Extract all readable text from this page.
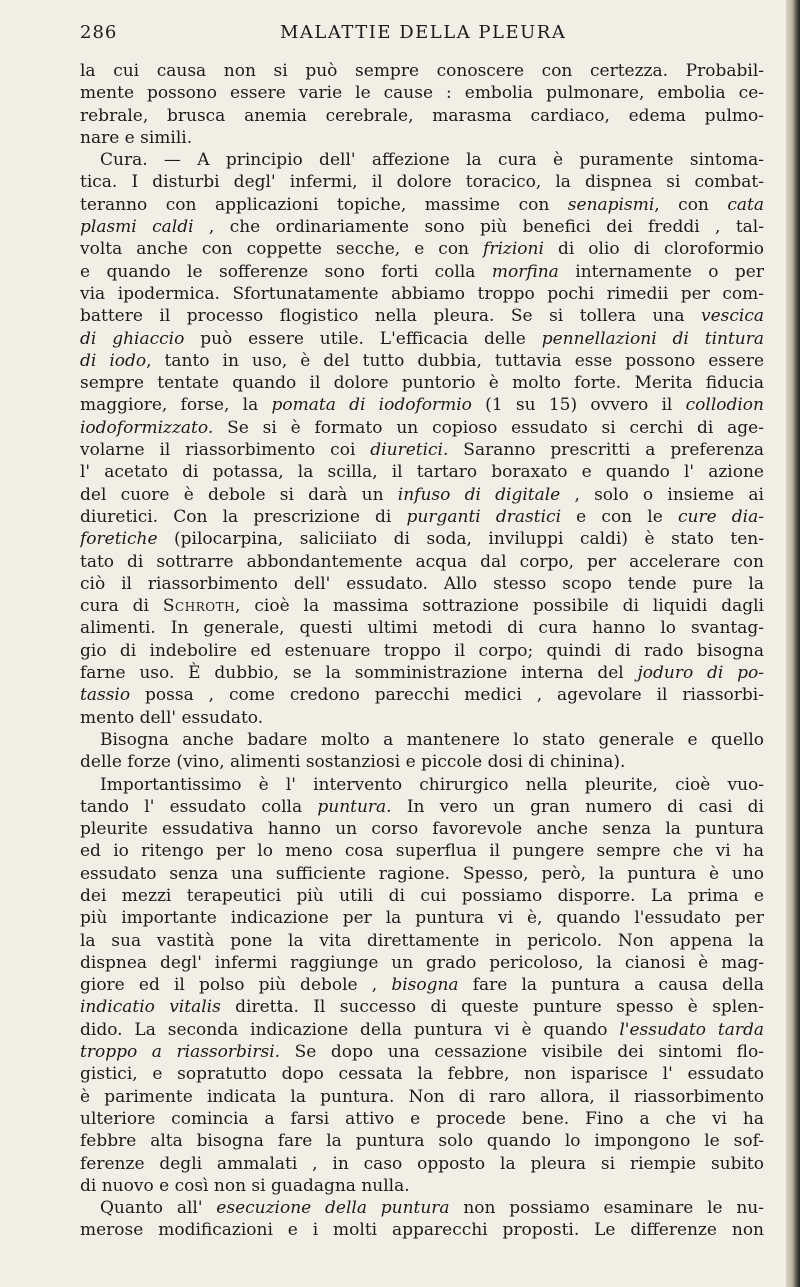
286	MALATTIE DELLA PLEURA
la cui causa non si può sempre conoscere con certezza. Probabil-
mente possono essere varie le cause : embolia pulmonare, embolia ce-
rebrale, brusca anemia cerebrale, marasma cardiaco, edema pulmo-
nare e simili.
Cura. — A principio dell' affezione la cura è puramente sintoma-
tica. I disturbi degl' infermi, il dolore toracico, la dispnea si combat-
teranno con applicazioni topiche, massime con senapismi, con cata
plasmi caldi , che ordinariamente sono più benefici dei freddi , tal-
volta anche con coppette secche, e con frizioni di olio di cloroformio
e quando le sofferenze sono forti colla morfina internamente o per
via ipodermica. Sfortunatamente abbiamo troppo pochi rimedii per com-
battere il processo flogistico nella pleura. Se si tollera una vescica
di ghiaccio può essere utile. L'efficacia delle pennellazioni di tintura
di iodo, tanto in uso, è del tutto dubbia, tuttavia esse possono essere
sempre tentate quando il dolore puntorio è molto forte. Merita fiducia
maggiore, forse, la pomata di iodoformio (1 su 15) ovvero il collodion
iodoformizzato. Se si è formato un copioso essudato si cerchi di age-
volarne il riassorbimento coi diuretici. Saranno prescritti a preferenza
l' acetato di potassa, la scilla, il tartaro boraxato e quando l' azione
del cuore è debole si darà un infuso di digitale , solo o insieme ai
diuretici. Con la prescrizione di purganti drastici e con le cure dia-
foretiche (pilocarpina, saliciiato di soda, inviluppi caldi) è stato ten-
tato di sottrarre abbondantemente acqua dal corpo, per accelerare con
ciò il riassorbimento dell' essudato. Allo stesso scopo tende pure la
cura di Schroth, cioè la massima sottrazione possibile di liquidi dagli
alimenti. In generale, questi ultimi metodi di cura hanno lo svantag-
gio di indebolire ed estenuare troppo il corpo; quindi di rado bisogna
farne uso. È dubbio, se la somministrazione interna del joduro di po-
tassio possa , come credono parecchi medici , agevolare il riassorbi-
mento dell' essudato.
Bisogna anche badare molto a mantenere lo stato generale e quello
delle forze (vino, alimenti sostanziosi e piccole dosi di chinina).
Importantissimo è l' intervento chirurgico nella pleurite, cioè vuo-
tando l' essudato colla puntura. In vero un gran numero di casi di
pleurite essudativa hanno un corso favorevole anche senza la puntura
ed io ritengo per lo meno cosa superflua il pungere sempre che vi ha
essudato senza una sufficiente ragione. Spesso, però, la puntura è uno
dei mezzi terapeutici più utili di cui possiamo disporre. La prima e
più importante indicazione per la puntura vi è, quando l'essudato per
la sua vastità pone la vita direttamente in pericolo. Non appena la
dispnea degl' infermi raggiunge un grado pericoloso, la cianosi è mag-
giore ed il polso più debole , bisogna fare la puntura a causa della
indicatio vitalis diretta. Il successo di queste punture spesso è splen-
dido. La seconda indicazione della puntura vi è quando l'essudato tarda
troppo a riassorbirsi. Se dopo una cessazione visibile dei sintomi flo-
gistici, e sopratutto dopo cessata la febbre, non isparisce l' essudato
è parimente indicata la puntura. Non di raro allora, il riassorbimento
ulteriore comincia a farsi attivo e procede bene. Fino a che vi ha
febbre alta bisogna fare la puntura solo quando lo impongono le sof-
ferenze degli ammalati , in caso opposto la pleura si riempie subito
di nuovo e così non si guadagna nulla.
Quanto all' esecuzione della puntura non possiamo esaminare le nu-
merose modificazioni e i molti apparecchi proposti. Le differenze non
